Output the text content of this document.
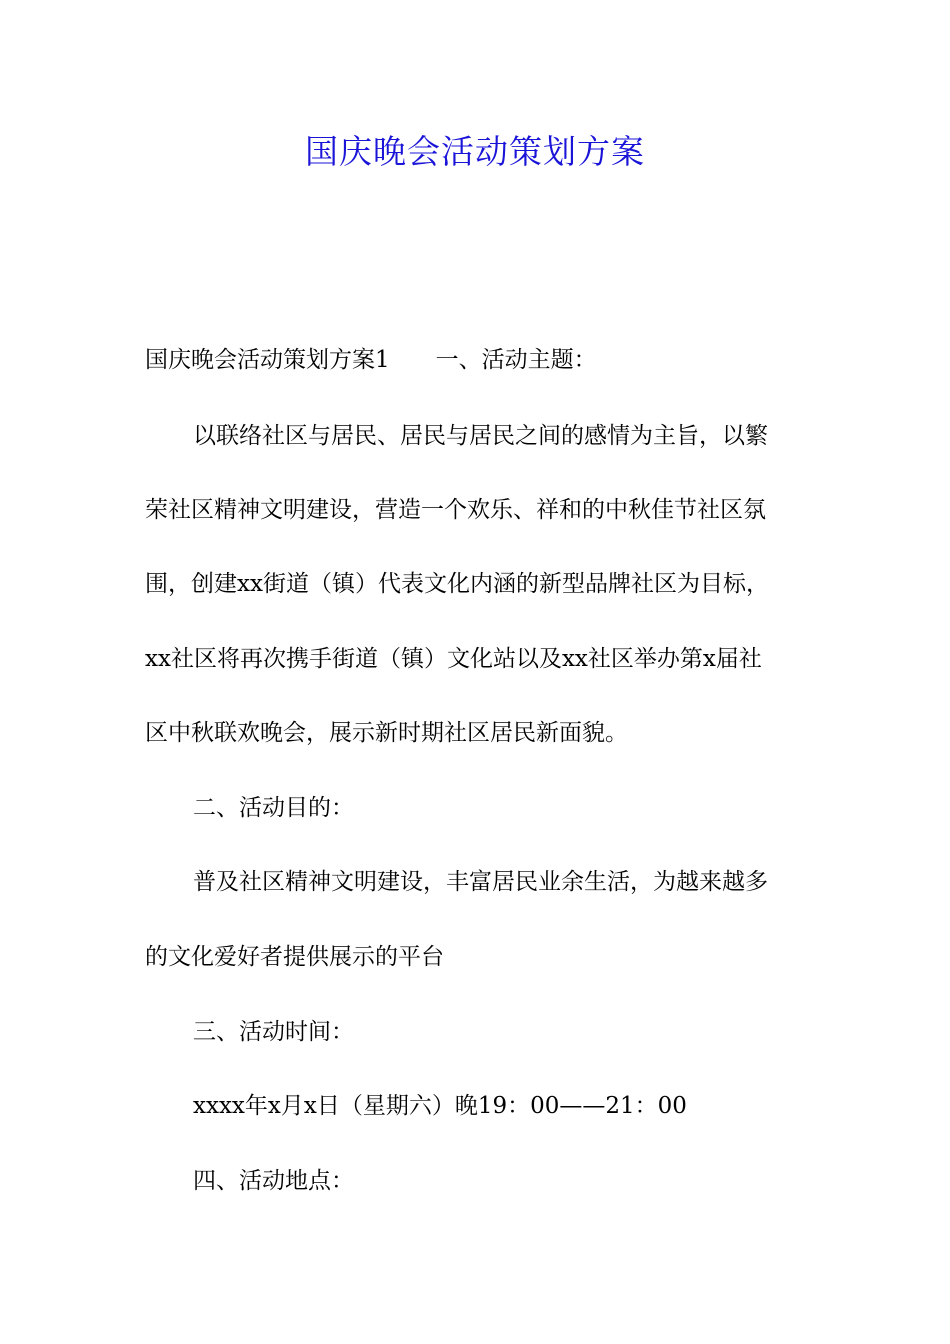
国庆晚会活动策划方案
国庆晚会活动策划方案1 一、活动主题：
以联络社区与居民、居民与居民之间的感情为主旨，以繁
荣社区精神文明建设，营造一个欢乐、祥和的中秋佳节社区氛
围，创建xx街道（镇）代表文化内涵的新型品牌社区为目标，
xx社区将再次携手街道（镇）文化站以及xx社区举办第x届社
区中秋联欢晚会，展示新时期社区居民新面貌。
二、活动目的：
普及社区精神文明建设，丰富居民业余生活，为越来越多
的文化爱好者提供展示的平台
三、活动时间：
xxxx年x月x日（星期六）晚19：00——21：00
四、活动地点：
